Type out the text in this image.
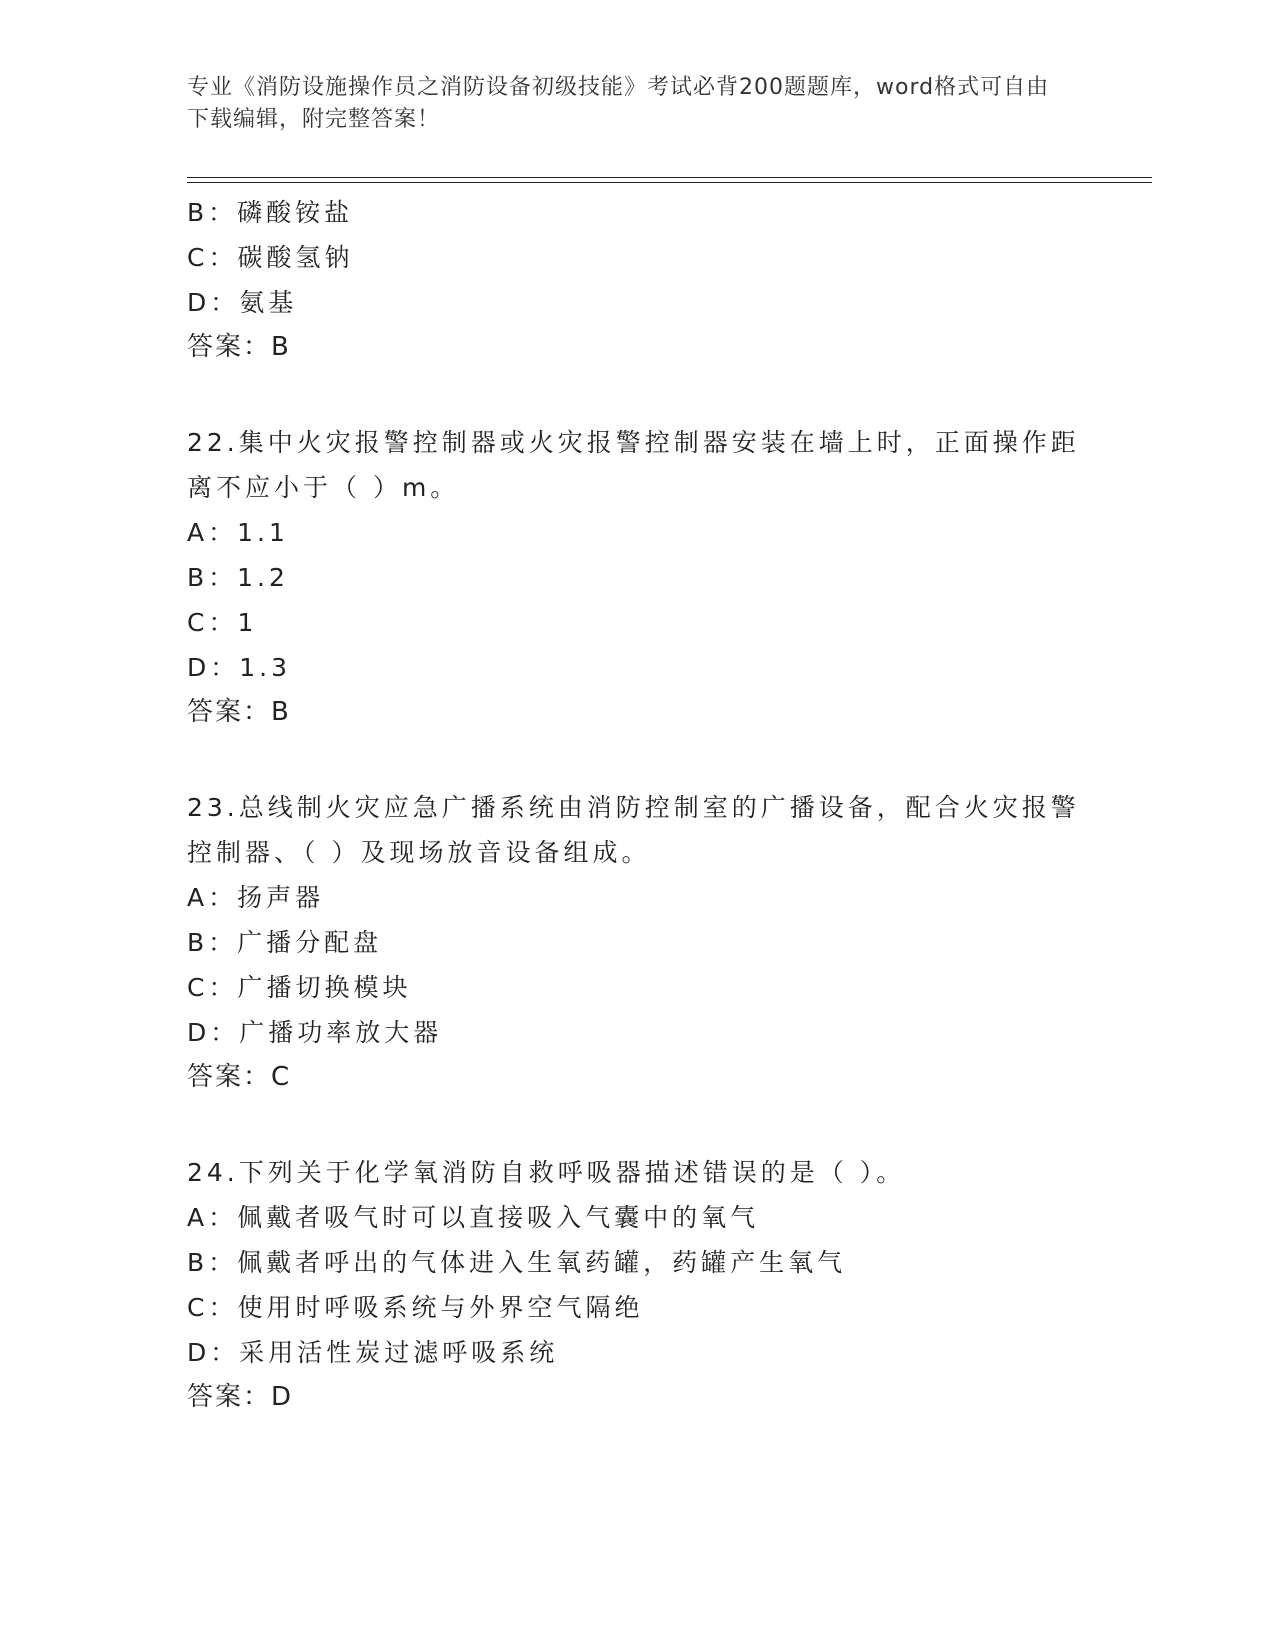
专业《消防设施操作员之消防设备初级技能》考试必背200题题库，word格式可自由下载编辑，附完整答案！
B：磷酸铵盐
C：碳酸氢钠
D：氨基
答案：B
22.集中火灾报警控制器或火灾报警控制器安装在墙上时，正面操作距离不应小于（ ）m。
A：1.1
B：1.2
C：1
D：1.3
答案：B
23.总线制火灾应急广播系统由消防控制室的广播设备，配合火灾报警控制器、（ ）及现场放音设备组成。
A：扬声器
B：广播分配盘
C：广播切换模块
D：广播功率放大器
答案：C
24.下列关于化学氧消防自救呼吸器描述错误的是（ ）。
A：佩戴者吸气时可以直接吸入气囊中的氧气
B：佩戴者呼出的气体进入生氧药罐，药罐产生氧气
C：使用时呼吸系统与外界空气隔绝
D：采用活性炭过滤呼吸系统
答案：D
